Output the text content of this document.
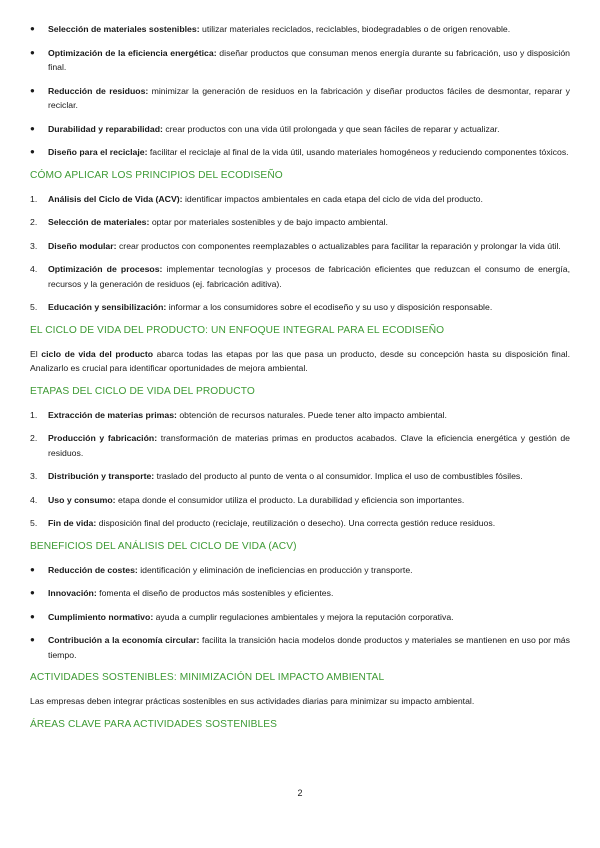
●	Selección de materiales sostenibles: utilizar materiales reciclados, reciclables, biodegradables o de origen renovable.
●	Optimización de la eficiencia energética: diseñar productos que consuman menos energía durante su fabricación, uso y disposición final.
●	Reducción de residuos: minimizar la generación de residuos en la fabricación y diseñar productos fáciles de desmontar, reparar y reciclar.
●	Durabilidad y reparabilidad: crear productos con una vida útil prolongada y que sean fáciles de reparar y actualizar.
●	Diseño para el reciclaje: facilitar el reciclaje al final de la vida útil, usando materiales homogéneos y reduciendo componentes tóxicos.
CÓMO APLICAR LOS PRINCIPIOS DEL ECODISEÑO
1.	Análisis del Ciclo de Vida (ACV): identificar impactos ambientales en cada etapa del ciclo de vida del producto.
2.	Selección de materiales: optar por materiales sostenibles y de bajo impacto ambiental.
3.	Diseño modular: crear productos con componentes reemplazables o actualizables para facilitar la reparación y prolongar la vida útil.
4.	Optimización de procesos: implementar tecnologías y procesos de fabricación eficientes que reduzcan el consumo de energía, recursos y la generación de residuos (ej. fabricación aditiva).
5.	Educación y sensibilización: informar a los consumidores sobre el ecodiseño y su uso y disposición responsable.
EL CICLO DE VIDA DEL PRODUCTO: UN ENFOQUE INTEGRAL PARA EL ECODISEÑO
El ciclo de vida del producto abarca todas las etapas por las que pasa un producto, desde su concepción hasta su disposición final. Analizarlo es crucial para identificar oportunidades de mejora ambiental.
ETAPAS DEL CICLO DE VIDA DEL PRODUCTO
1.	Extracción de materias primas: obtención de recursos naturales. Puede tener alto impacto ambiental.
2.	Producción y fabricación: transformación de materias primas en productos acabados. Clave la eficiencia energética y gestión de residuos.
3.	Distribución y transporte: traslado del producto al punto de venta o al consumidor. Implica el uso de combustibles fósiles.
4.	Uso y consumo: etapa donde el consumidor utiliza el producto. La durabilidad y eficiencia son importantes.
5.	Fin de vida: disposición final del producto (reciclaje, reutilización o desecho). Una correcta gestión reduce residuos.
BENEFICIOS DEL ANÁLISIS DEL CICLO DE VIDA (ACV)
●	Reducción de costes: identificación y eliminación de ineficiencias en producción y transporte.
●	Innovación: fomenta el diseño de productos más sostenibles y eficientes.
●	Cumplimiento normativo: ayuda a cumplir regulaciones ambientales y mejora la reputación corporativa.
●	Contribución a la economía circular: facilita la transición hacia modelos donde productos y materiales se mantienen en uso por más tiempo.
ACTIVIDADES SOSTENIBLES: MINIMIZACIÓN DEL IMPACTO AMBIENTAL
Las empresas deben integrar prácticas sostenibles en sus actividades diarias para minimizar su impacto ambiental.
ÁREAS CLAVE PARA ACTIVIDADES SOSTENIBLES
2
